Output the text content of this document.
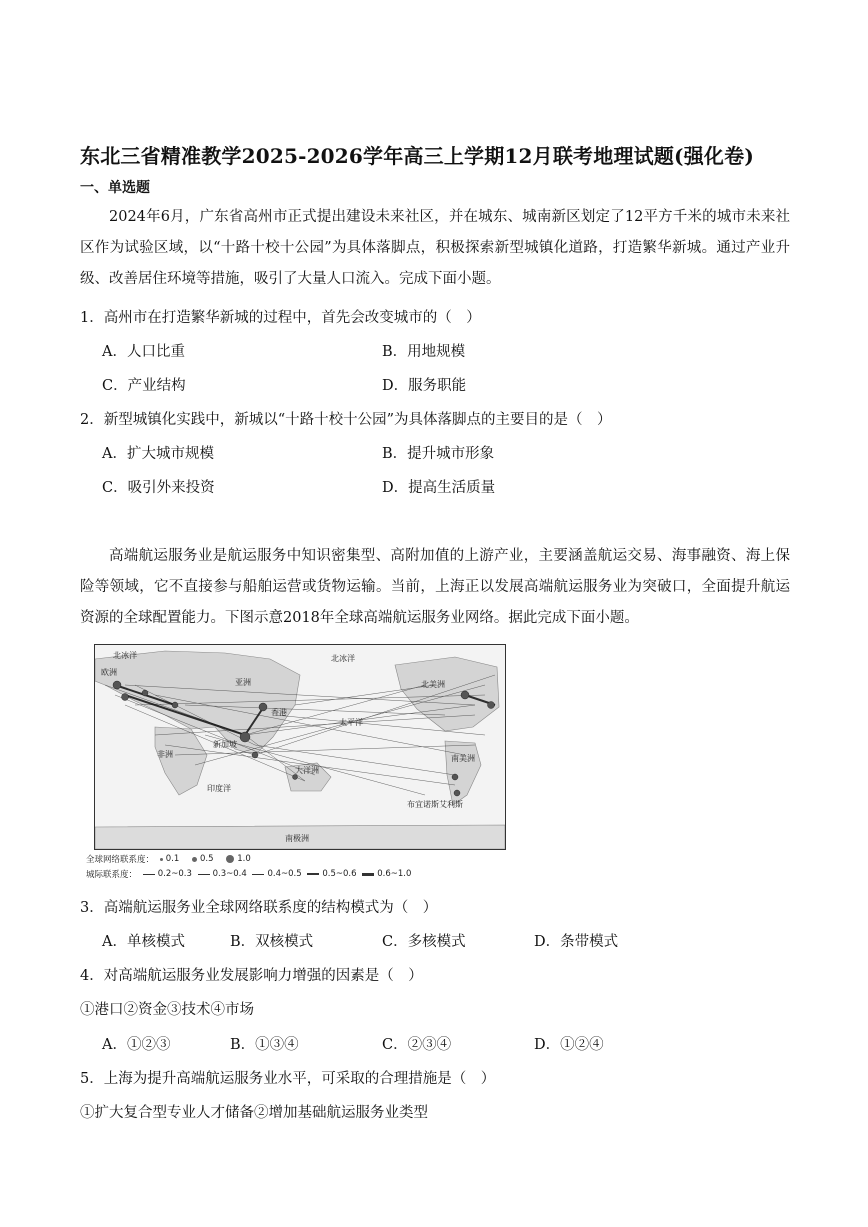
东北三省精准教学2025-2026学年高三上学期12月联考地理试题(强化卷)
一、单选题
2024年6月，广东省高州市正式提出建设未来社区，并在城东、城南新区划定了12平方千米的城市未来社区作为试验区域，以“十路十校十公园”为具体落脚点，积极探索新型城镇化道路，打造繁华新城。通过产业升级、改善居住环境等措施，吸引了大量人口流入。完成下面小题。
1．高州市在打造繁华新城的过程中，首先会改变城市的（　）
A．人口比重	B．用地规模
C．产业结构	D．服务职能
2．新型城镇化实践中，新城以“十路十校十公园”为具体落脚点的主要目的是（　）
A．扩大城市规模	B．提升城市形象
C．吸引外来投资	D．提高生活质量
高端航运服务业是航运服务中知识密集型、高附加值的上游产业，主要涵盖航运交易、海事融资、海上保险等领域，它不直接参与船舶运营或货物运输。当前，上海正以发展高端航运服务业为突破口，全面提升航运资源的全球配置能力。下图示意2018年全球高端航运服务业网络。据此完成下面小题。
北冰洋	北冰洋
欧洲
亚洲	北美洲
太平洋
非洲
印度洋
南美洲
大洋洲
南极洲
新加坡
香港
布宜诺斯艾利斯
全球网络联系度： 0.1 0.5	1.0
城际联系度： 0.2~0.3 0.3~0.4 0.4~0.5 0.5~0.6 0.6~1.0
3．高端航运服务业全球网络联系度的结构模式为（　）
A．单核模式	B．双核模式	C．多核模式	D．条带模式
4．对高端航运服务业发展影响力增强的因素是（　）
①港口②资金③技术④市场
A．①②③	B．①③④	C．②③④	D．①②④
5．上海为提升高端航运服务业水平，可采取的合理措施是（　）
①扩大复合型专业人才储备②增加基础航运服务业类型
